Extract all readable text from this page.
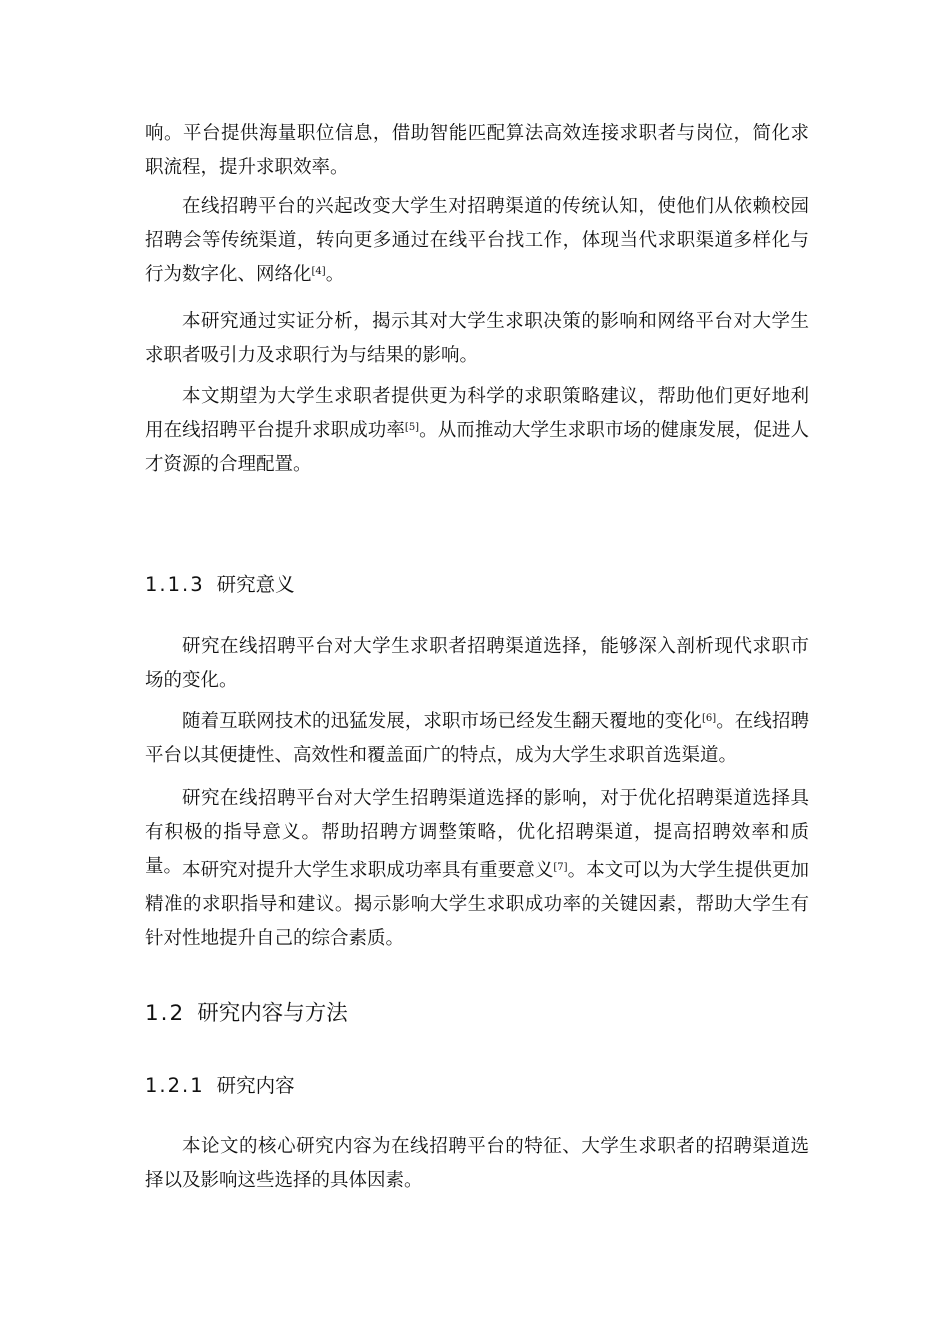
响。平台提供海量职位信息，借助智能匹配算法高效连接求职者与岗位，简化求职流程，提升求职效率。

在线招聘平台的兴起改变大学生对招聘渠道的传统认知，使他们从依赖校园招聘会等传统渠道，转向更多通过在线平台找工作，体现当代求职渠道多样化与行为数字化、网络化[4]。

本研究通过实证分析，揭示其对大学生求职决策的影响和网络平台对大学生求职者吸引力及求职行为与结果的影响。

本文期望为大学生求职者提供更为科学的求职策略建议，帮助他们更好地利用在线招聘平台提升求职成功率[5]。从而推动大学生求职市场的健康发展，促进人才资源的合理配置。

1.1.3 研究意义

研究在线招聘平台对大学生求职者招聘渠道选择，能够深入剖析现代求职市场的变化。

随着互联网技术的迅猛发展，求职市场已经发生翻天覆地的变化[6]。在线招聘平台以其便捷性、高效性和覆盖面广的特点，成为大学生求职首选渠道。

研究在线招聘平台对大学生招聘渠道选择的影响，对于优化招聘渠道选择具有积极的指导意义。帮助招聘方调整策略，优化招聘渠道，提高招聘效率和质量。 本研究对提升大学生求职成功率具有重要意义[7]。本文可以为大学生提供更加精准的求职指导和建议。揭示影响大学生求职成功率的关键因素，帮助大学生有针对性地提升自己的综合素质。

1.2 研究内容与方法
1.2.1 研究内容

本论文的核心研究内容为在线招聘平台的特征、大学生求职者的招聘渠道选择以及影响这些选择的具体因素。
